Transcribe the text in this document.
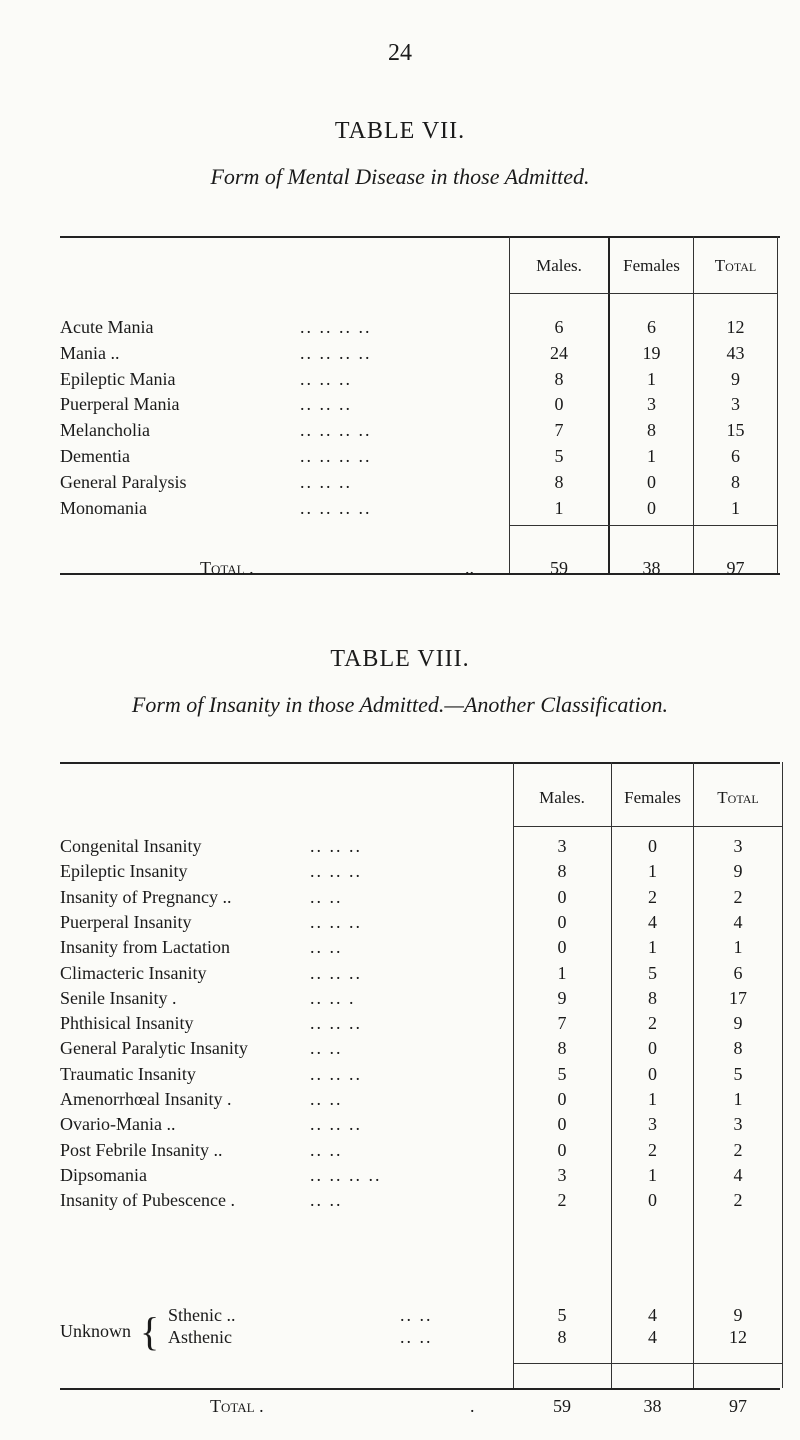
24
TABLE VII.
Form of Mental Disease in those Admitted.
Males.	Females	Total
Acute Mania	.. .. .. ..	6	6	12
Mania ..	.. .. .. ..	24	19	43
Epileptic Mania	.. .. ..	8	1	9
Puerperal Mania	.. .. ..	0	3	3
Melancholia	.. .. .. ..	7	8	15
Dementia	.. .. .. ..	5	1	6
General Paralysis	.. .. ..	8	0	8
Monomania	.. .. .. ..	1	0	1
Total .	..	59	38	97
TABLE VIII.
Form of Insanity in those Admitted.—Another Classification.
Males.	Females	Total
Congenital Insanity	.. .. ..	3	0	3
Epileptic Insanity	.. .. ..	8	1	9
Insanity of Pregnancy ..	.. ..	0	2	2
Puerperal Insanity	.. .. ..	0	4	4
Insanity from Lactation	.. ..	0	1	1
Climacteric Insanity	.. .. ..	1	5	6
Senile Insanity .	.. .. .	9	8	17
Phthisical Insanity	.. .. ..	7	2	9
General Paralytic Insanity	.. ..	8	0	8
Traumatic Insanity	.. .. ..	5	0	5
Amenorrhœal Insanity .	.. ..	0	1	1
Ovario-Mania ..	.. .. ..	0	3	3
Post Febrile Insanity ..	.. ..	0	2	2
Dipsomania	.. .. .. ..	3	1	4
Insanity of Pubescence .	.. ..	2	0	2
Unknown { Sthenic ..	.. ..	5	4	9
Asthenic	.. ..	8	4	12
Total .	.	59	38	97
